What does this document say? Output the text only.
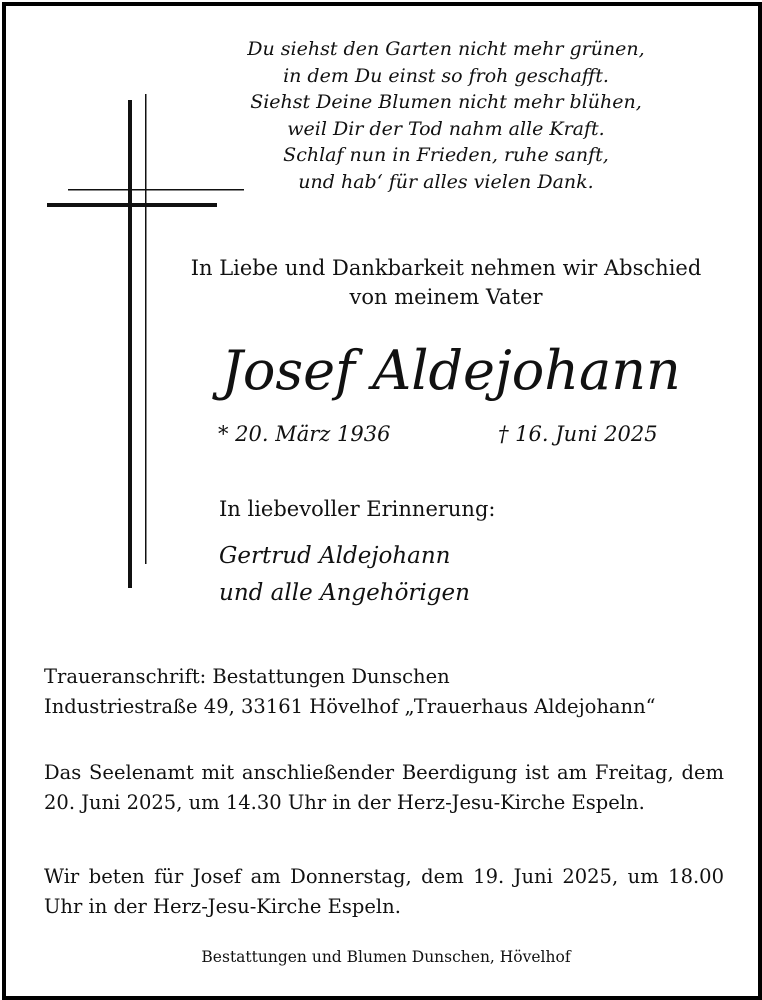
Du siehst den Garten nicht mehr grünen,
in dem Du einst so froh geschafft.
Siehst Deine Blumen nicht mehr blühen,
weil Dir der Tod nahm alle Kraft.
Schlaf nun in Frieden, ruhe sanft,
und hab‘ für alles vielen Dank.
In Liebe und Dankbarkeit nehmen wir Abschied
von meinem Vater
Josef Aldejohann
* 20. März 1936	† 16. Juni 2025
In liebevoller Erinnerung:
Gertrud Aldejohann
und alle Angehörigen
Traueranschrift: Bestattungen Dunschen
Industriestraße 49, 33161 Hövelhof „Trauerhaus Aldejohann“
Das Seelenamt mit anschließender Beerdigung ist am Freitag, dem 20. Juni 2025, um 14.30 Uhr in der Herz-Jesu-Kirche Espeln.
Wir beten für Josef am Donnerstag, dem 19. Juni 2025, um 18.00 Uhr in der Herz-Jesu-Kirche Espeln.
Bestattungen und Blumen Dunschen, Hövelhof
